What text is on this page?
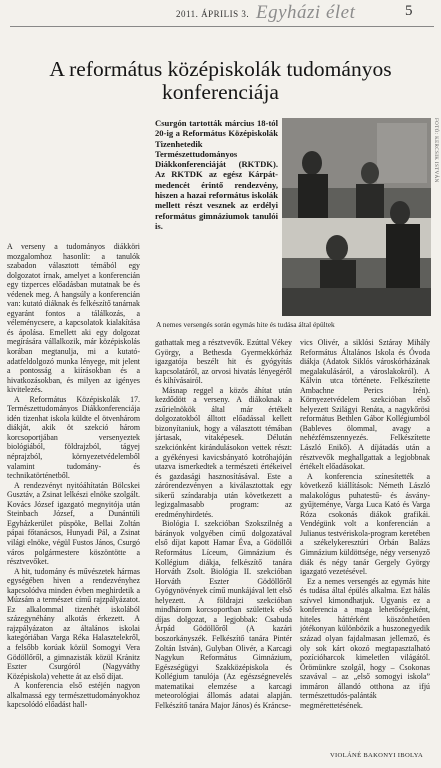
2011. ÁPRILIS 3. Egyházi élet	5
A református középiskolák tudományos konferenciája
Csurgón tartották március 18-tól 20-ig a Református Középiskolák Tizenhetedik Természettudományos Diákkonferenciáját (RKTDK). Az RKTDK az egész Kárpát-medencét érintő rendezvény, hiszen a hazai református iskolák mellett részt vesznek az erdélyi református gimnáziumok tanulói is.
FOTÓ: KERCSIK ISTVÁN
A nemes versengés során egymás hite és tudása által épültek

A verseny a tudományos diákköri mozgalomhoz hasonlít: a tanulók szabadon választott témából egy dolgozatot írnak, amelyet a konferencián egy tizperces előadásban mutatnak be és védenek meg. A hangsúly a konferencián van: kutató diáknak és felkészítő tanárnak egyaránt fontos a tálálkozás, a véleménycsere, a kapcsolatok kialakítása és ápolása. Emellett aki egy dolgozat megírására vállalkozik, már középiskolás korában megtanulja, mi a kutató-adatfeldolgozó munka lényege, mit jelent a pontosság a kiírásokban és a hivatkozásokban, és milyen az igényes kivitelezés.

A Református Középiskolák 17. Természettudományos Diákkonferenciája idén tizenhat iskola küldte el ötvenhárom diákját, akik öt szekció három korcsoportjában versenyeztek biológiából, földrajzból, tágyej néprajzból, környezetvédelemből valamint tudomány- és technikatörténetből.

A rendezvényt nyitóáhítatán Bölcskei Gusztáv, a Zsinat lelkészi elnöke szolgált. Kovács József igazgató megnyitója után Steinbach József, a Dunántúli Egyházkerület püspöke, Bellai Zoltán pápai főtanácsos, Hunyadi Pál, a Zsinat világi elnöke, végül Fustos János, Csurgó város polgármestere köszöntötte a résztvevőket.

A hit, tudomány és művészetek hármas egységében hiven a rendezvényhez kapcsolódva minden évben meghirdetik a Múzsám a természet című rajzpályázatot. Ez alkalommal tizenhét iskolából százegynéhány alkotás érkezett. A rajzpályázaton az általános iskolai kategóriában Varga Réka Halasztelekről, a felsőbb korúak közül Somogyi Vera Gödöllőről, a gimnazisták közül Kránitz Eszter Csurgóról (Nagyváthy Középiskola) vehette át az első díjat.

A konferencia első estéjén nagyon alkalmassá egy természettudományokhoz kapcsolódó előadást hall-

gathattak meg a résztvevők. Ezúttal Vékey György, a Bethesda Gyermekkórház igazgatója beszélt hit és gyógyítás kapcsolatáról, az orvosi hivatás lényegéről és kihívásairól.

Másnap reggel a közös áhítat után kezdődött a verseny. A diákoknak a zsűrielnökök által már értékelt dolgozatokból álltott előadással kellett bizonyítaniuk, hogy a választott témában jártasak, vitaképesek. Délután szekciónként kirándulásokon vettek részt: a gyékényesi kavicsbányató kotróhajóján utazva ismerkedtek a természeti értékeivel és gazdasági hasznosításával. Este a zárórendezvényen a kiválasztottak egy sikerű színdarabja után következett a legizgalmasabb program: az eredményhirdetés.

Biológia I. szekcióban Szokszilnég a bárányok volgyében című dolgozatával első díjat kapott Hamar Éva, a Gödöllői Református Líceum, Gimnázium és Kollégium diákja, felkészítő tanára Horváth Zsolt. Biológia II. szekcióban Horváth Eszter Gödöllőről Gyógynövények című munkájával lett első helyezett. A földrajzi szekcióban mindhárom korcsoportban születtek első díjas dolgozat, a legjobbak: Csabuda Árpád Gödöllőről (A kazári boszorkányszék. Felkészítő tanára Pintér Zoltán István), Gulyban Olivér, a Karcagi Nagykun Református Gimnázium, Egészségügyi Szakközépiskola és Kollégium tanulója (Az egészségnevelés matematikai elemzése a karcagi meteorológiai állomás adatai alapján. Felkészítő tanára Major János) és Kráncse-

vics Olivér, a siklósi Sztáray Mihály Református Általános Iskola és Óvoda diákja (Adatok Siklós városkórházának megalakulásáról, a városlakokról). A Kálvin utca története. Felkészítette Ambachne Perics Irén). Környezetvédelem szekcióban első helyezett Szilágyi Renáta, a nagykőrösi református Bethlen Gábor Kollégiumból (Bableves ölommal, avagy a nehézfémszennyezés. Felkészítette László Enikő). A díjátadás után a résztvevők meghallgattak a legjobbnak értékelt előadásokat.

A konferencia színesítették a következő kiállítások: Németh László malakológus puhatestű- és ásvány-gyűjteménye, Varga Luca Kató és Varga Róza csokonás diákok grafikái. Vendégünk volt a konferencián a Julianus testvériskola-program keretében a székelykeresztúri Orbán Balázs Gimnázium küldöttsége, négy versenyző diák és négy tanár Gergely György igazgató vezetésével.

Ez a nemes versengés az egymás hite és tudása által épülés alkalma. Ezt hálás szívvel kimondhatjuk. Ugyanis ez a konferencia a maga lehetőségeiként, hiteles háttérként köszönhetően jótékonyan különbözik a huszonegyedik század olyan fajdalmasan jellemző, és oly sok kárt okozó megtapasztalható pozícióharcok kimeletlen világától. Örömünkre szolgál, hogy – Csokonas szavával – az „első somogyi iskola” immáron állandó otthona az ifjú természettudós-palánták megmérettetésének.

VIOLÁNÉ BAKONYI IBOLYA
